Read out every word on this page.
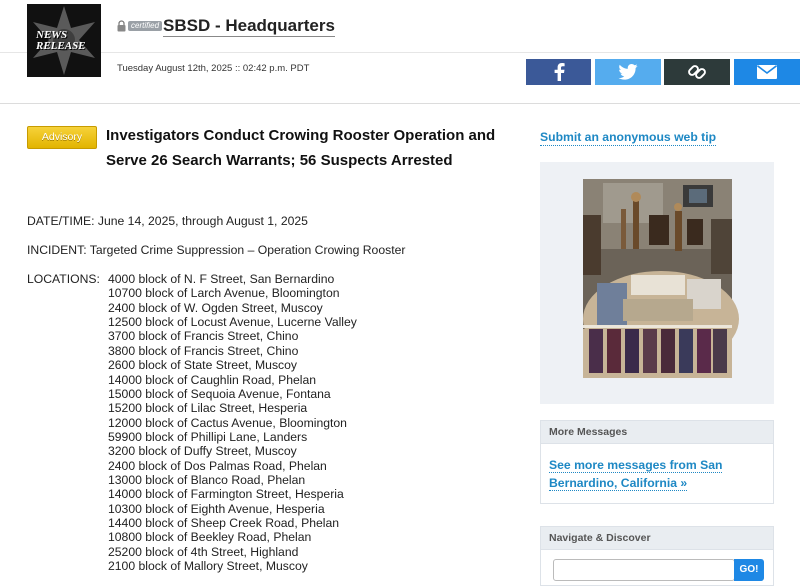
NEWS RELEASE
certified SBSD - Headquarters
Tuesday August 12th, 2025 :: 02:42 p.m. PDT
Advisory	Investigators Conduct Crowing Rooster Operation and Serve 26 Search Warrants; 56 Suspects Arrested
DATE/TIME: June 14, 2025, through August 1, 2025
INCIDENT: Targeted Crime Suppression – Operation Crowing Rooster
LOCATIONS: 4000 block of N. F Street, San Bernardino
10700 block of Larch Avenue, Bloomington
2400 block of W. Ogden Street, Muscoy
12500 block of Locust Avenue, Lucerne Valley
3700 block of Francis Street, Chino
3800 block of Francis Street, Chino
2600 block of State Street, Muscoy
14000 block of Caughlin Road, Phelan
15000 block of Sequoia Avenue, Fontana
15200 block of Lilac Street, Hesperia
12000 block of Cactus Avenue, Bloomington
59900 block of Phillipi Lane, Landers
3200 block of Duffy Street, Muscoy
2400 block of Dos Palmas Road, Phelan
13000 block of Blanco Road, Phelan
14000 block of Farmington Street, Hesperia
10300 block of Eighth Avenue, Hesperia
14400 block of Sheep Creek Road, Phelan
10800 block of Beekley Road, Phelan
25200 block of 4th Street, Highland
2100 block of Mallory Street, Muscoy
Submit an anonymous web tip
More Messages
See more messages from San Bernardino, California »
Navigate & Discover
GO!
